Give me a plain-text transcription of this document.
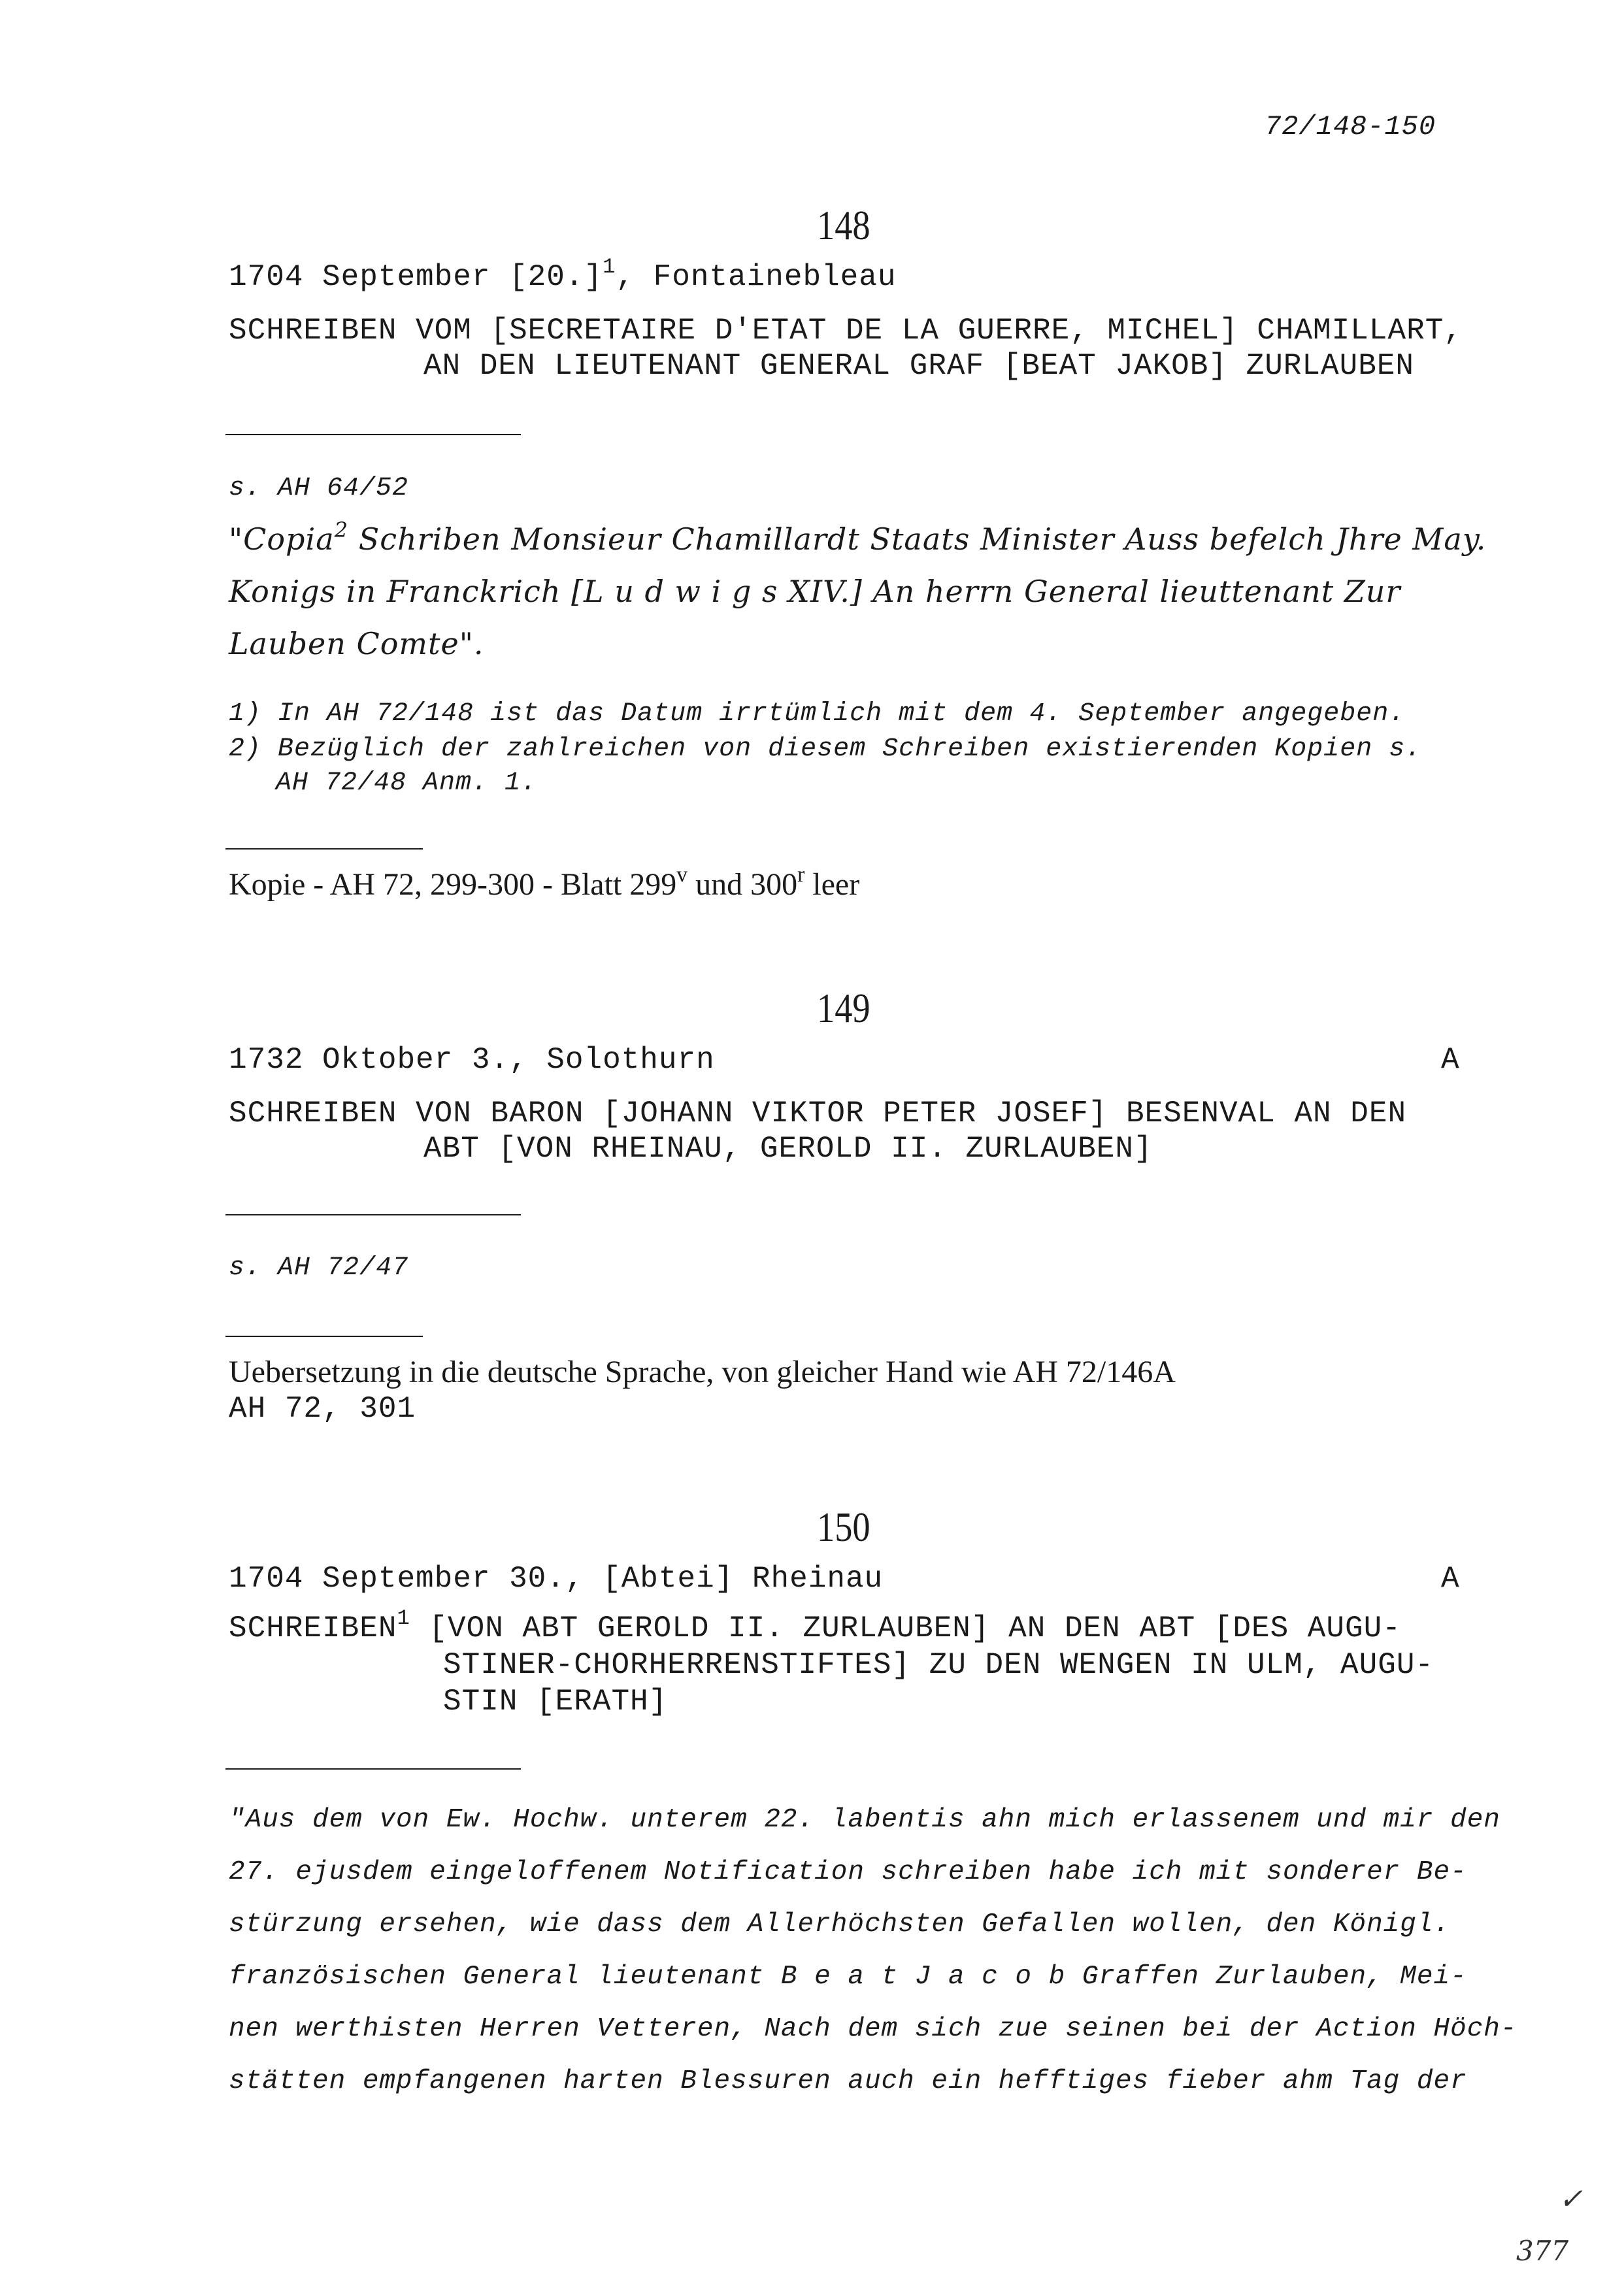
72/148-150
148
1704 September $[20.]^1$, Fontainebleau
SCHREIBEN VOM [SECRETAIRE D'ETAT DE LA GUERRE, MICHEL] CHAMILLART,
AN DEN LIEUTENANT GENERAL GRAF [BEAT JAKOB] ZURLAUBEN
s. AH 64/52
"Copia$^2$ Schriben Monsieur Chamillardt Staats Minister Auss befelch Jhre May.
Konigs in Franckrich [L u d w i g s XIV.] An herrn General lieuttenant Zur
Lauben Comte".
1) In AH 72/148 ist das Datum irrtümlich mit dem 4. September angegeben.
2) Bezüglich der zahlreichen von diesem Schreiben existierenden Kopien s.
AH 72/48 Anm. 1.
Kopie - AH 72, 299-300 - Blatt 299$^v$ und 300$^r$ leer
149
1732 Oktober 3., Solothurn	A
SCHREIBEN VON BARON [JOHANN VIKTOR PETER JOSEF] BESENVAL AN DEN
ABT [VON RHEINAU, GEROLD II. ZURLAUBEN]
s. AH 72/47
Uebersetzung in die deutsche Sprache, von gleicher Hand wie AH 72/146A
AH 72, 301
150
1704 September 30., [Abtei] Rheinau	A
SCHREIBEN$^1$ [VON ABT GEROLD II. ZURLAUBEN] AN DEN ABT [DES AUGU-
STINER-CHORHERRENSTIFTES] ZU DEN WENGEN IN ULM, AUGU-
STIN [ERATH]
"Aus dem von Ew. Hochw. unterem 22. labentis ahn mich erlassenem und mir den
27. ejusdem eingeloffenem Notification schreiben habe ich mit sonderer Be-
stürzung ersehen, wie dass dem Allerhöchsten Gefallen wollen, den Königl.
französischen General lieutenant B e a t J a c o b Graffen Zurlauben, Mei-
nen werthisten Herren Vetteren, Nach dem sich zue seinen bei der Action Höch-
stätten empfangenen harten Blessuren auch ein hefftiges fieber ahm Tag der
✓
377
